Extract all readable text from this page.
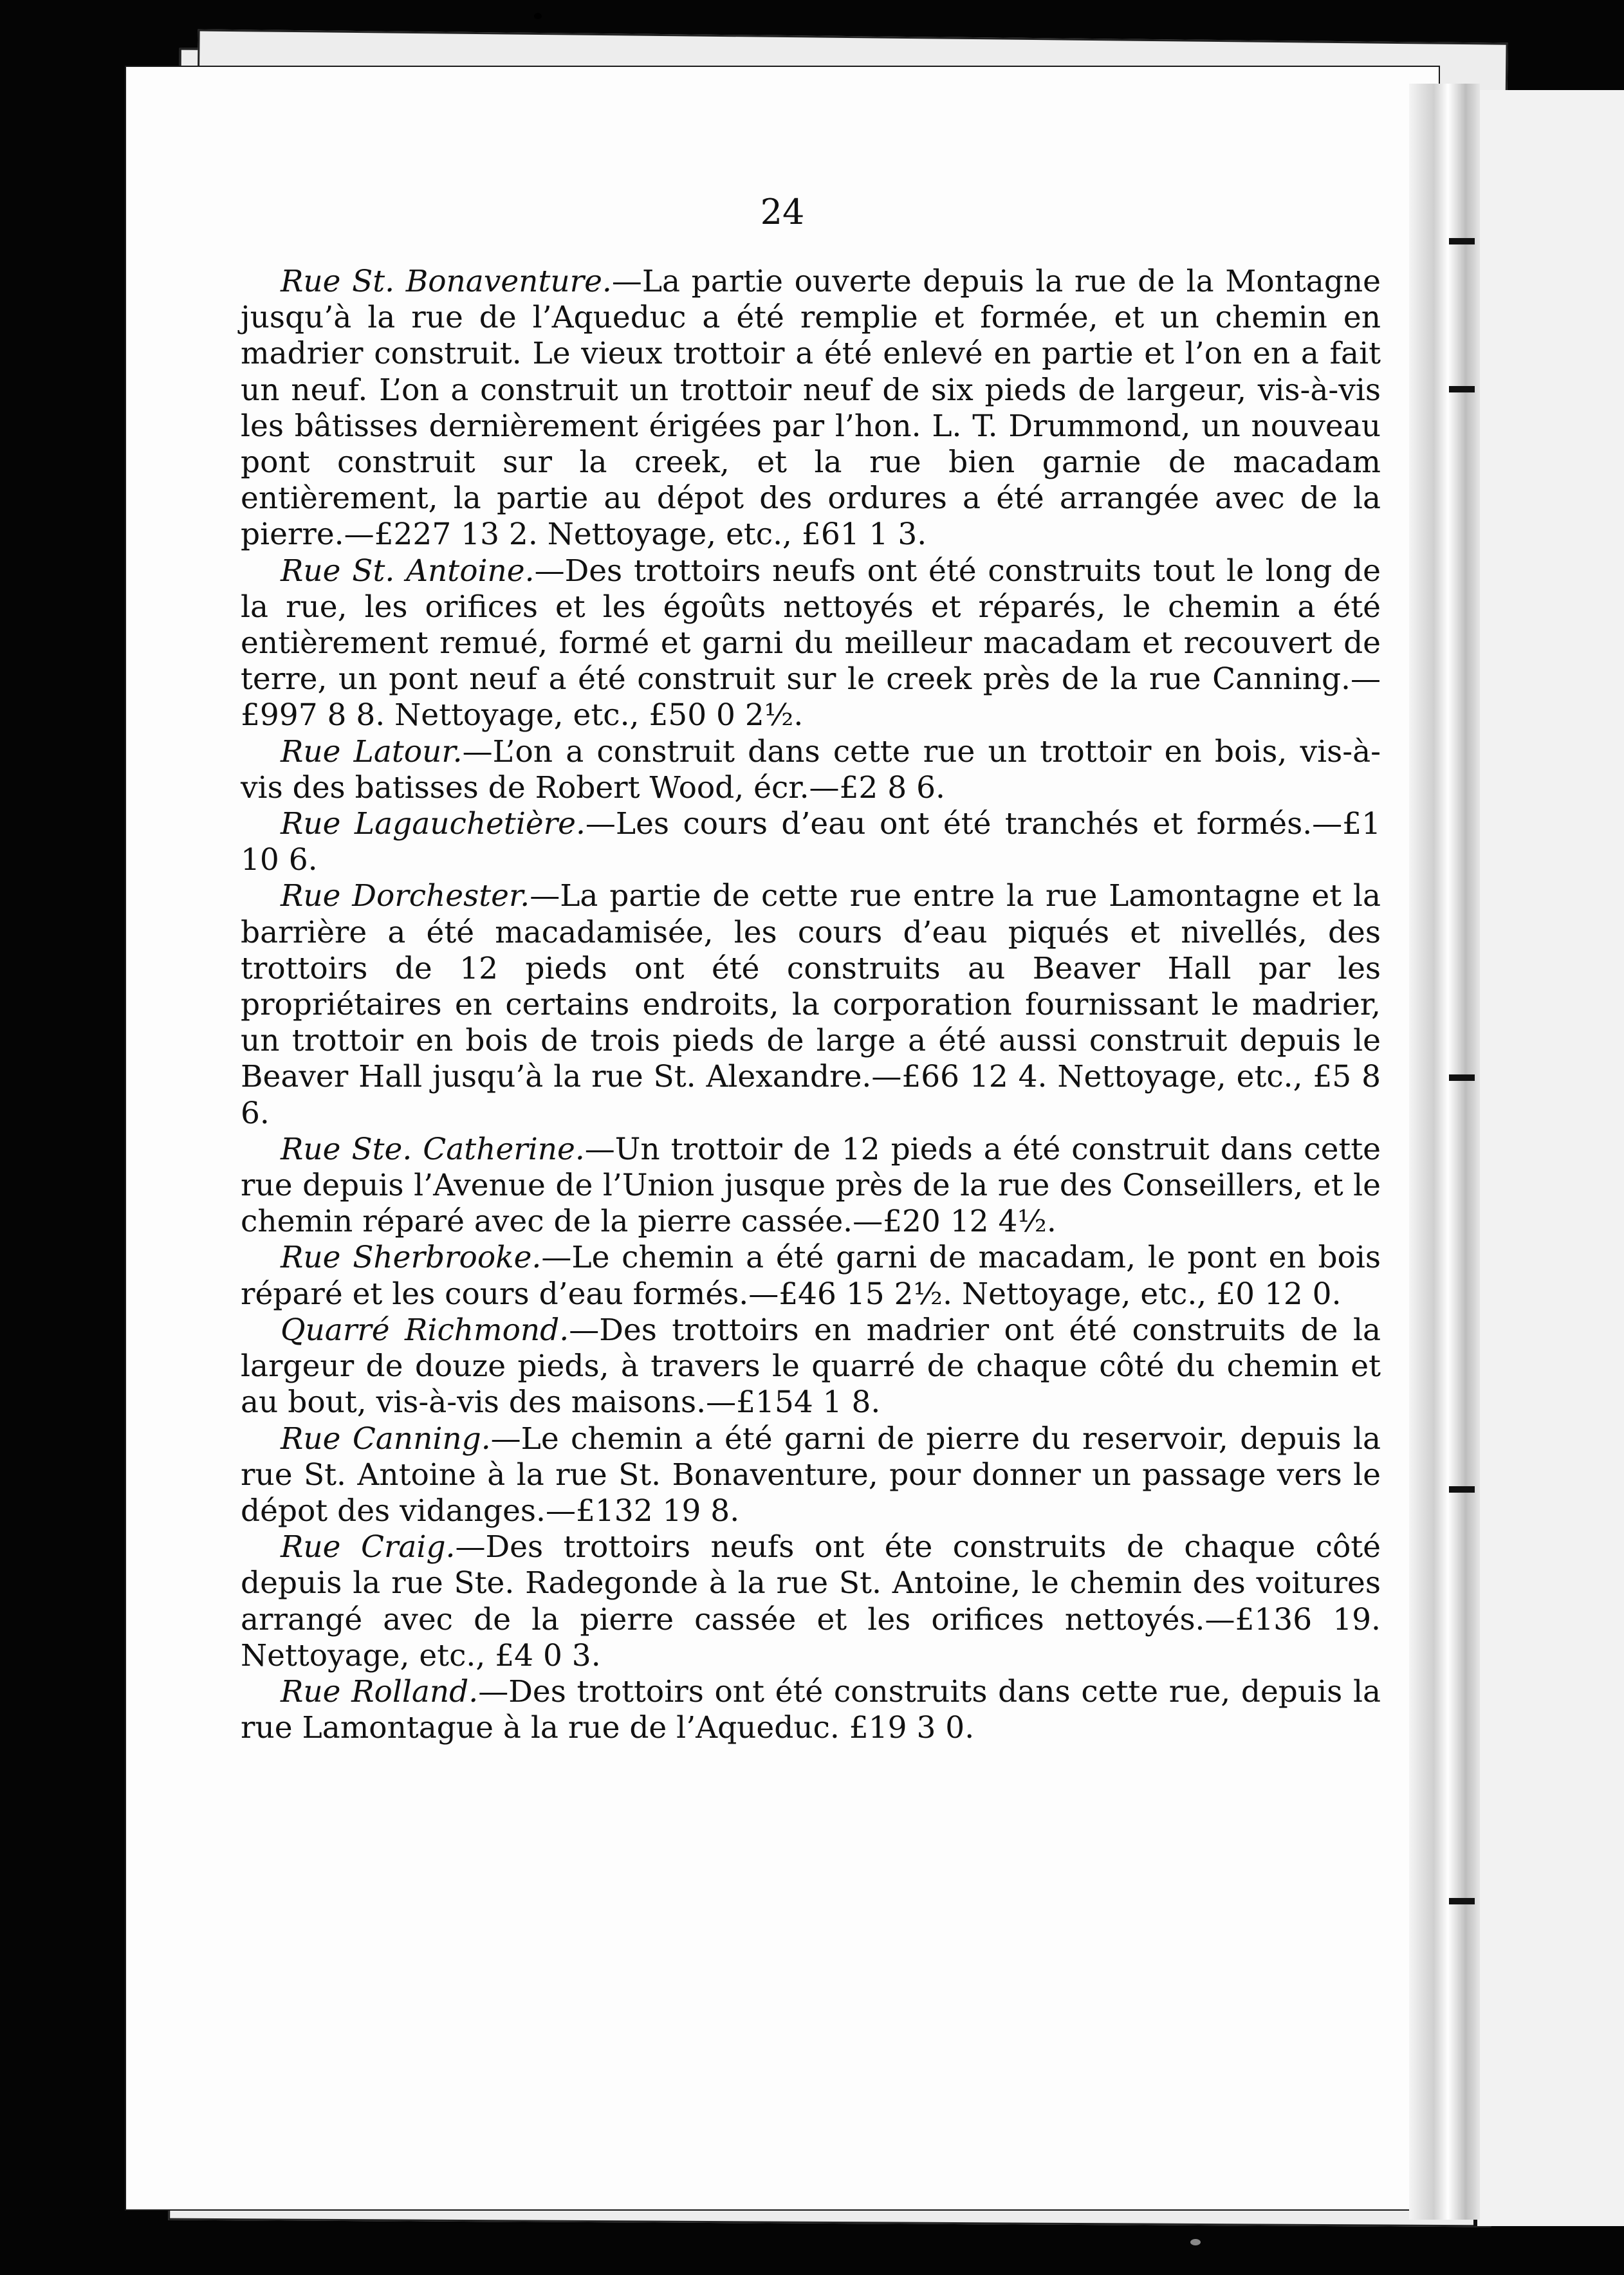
24

Rue St. Bonaventure.—La partie ouverte depuis la rue de la Montagne jusqu’à la rue de l’Aqueduc a été remplie et formée, et un chemin en madrier construit. Le vieux trottoir a été enlevé en partie et l’on en a fait un neuf. L’on a construit un trottoir neuf de six pieds de largeur, vis-à-vis les bâtisses dernièrement érigées par l’hon. L. T. Drummond, un nouveau pont construit sur la creek, et la rue bien garnie de macadam entièrement, la partie au dépot des ordures a été arrangée avec de la pierre.—£227 13 2. Nettoyage, etc., £61 1 3.

Rue St. Antoine.—Des trottoirs neufs ont été construits tout le long de la rue, les orifices et les égoûts nettoyés et réparés, le chemin a été entièrement remué, formé et garni du meilleur macadam et recouvert de terre, un pont neuf a été construit sur le creek près de la rue Canning.—£997 8 8. Nettoyage, etc., £50 0 2½.

Rue Latour.—L’on a construit dans cette rue un trottoir en bois, vis-à-vis des batisses de Robert Wood, écr.—£2 8 6.

Rue Lagauchetière.—Les cours d’eau ont été tranchés et formés.—£1 10 6.

Rue Dorchester.—La partie de cette rue entre la rue Lamontagne et la barrière a été macadamisée, les cours d’eau piqués et nivellés, des trottoirs de 12 pieds ont été construits au Beaver Hall par les propriétaires en certains endroits, la corporation fournissant le madrier, un trottoir en bois de trois pieds de large a été aussi construit depuis le Beaver Hall jusqu’à la rue St. Alexandre.—£66 12 4. Nettoyage, etc., £5 8 6.

Rue Ste. Catherine.—Un trottoir de 12 pieds a été construit dans cette rue depuis l’Avenue de l’Union jusque près de la rue des Conseillers, et le chemin réparé avec de la pierre cassée.—£20 12 4½.

Rue Sherbrooke.—Le chemin a été garni de macadam, le pont en bois réparé et les cours d’eau formés.—£46 15 2½. Nettoyage, etc., £0 12 0.

Quarré Richmond.—Des trottoirs en madrier ont été construits de la largeur de douze pieds, à travers le quarré de chaque côté du chemin et au bout, vis-à-vis des maisons.—£154 1 8.

Rue Canning.—Le chemin a été garni de pierre du reservoir, depuis la rue St. Antoine à la rue St. Bonaventure, pour donner un passage vers le dépot des vidanges.—£132 19 8.

Rue Craig.—Des trottoirs neufs ont éte construits de chaque côté depuis la rue Ste. Radegonde à la rue St. Antoine, le chemin des voitures arrangé avec de la pierre cassée et les orifices nettoyés.—£136 19. Nettoyage, etc., £4 0 3.

Rue Rolland.—Des trottoirs ont été construits dans cette rue, depuis la rue Lamontague à la rue de l’Aqueduc. £19 3 0.
